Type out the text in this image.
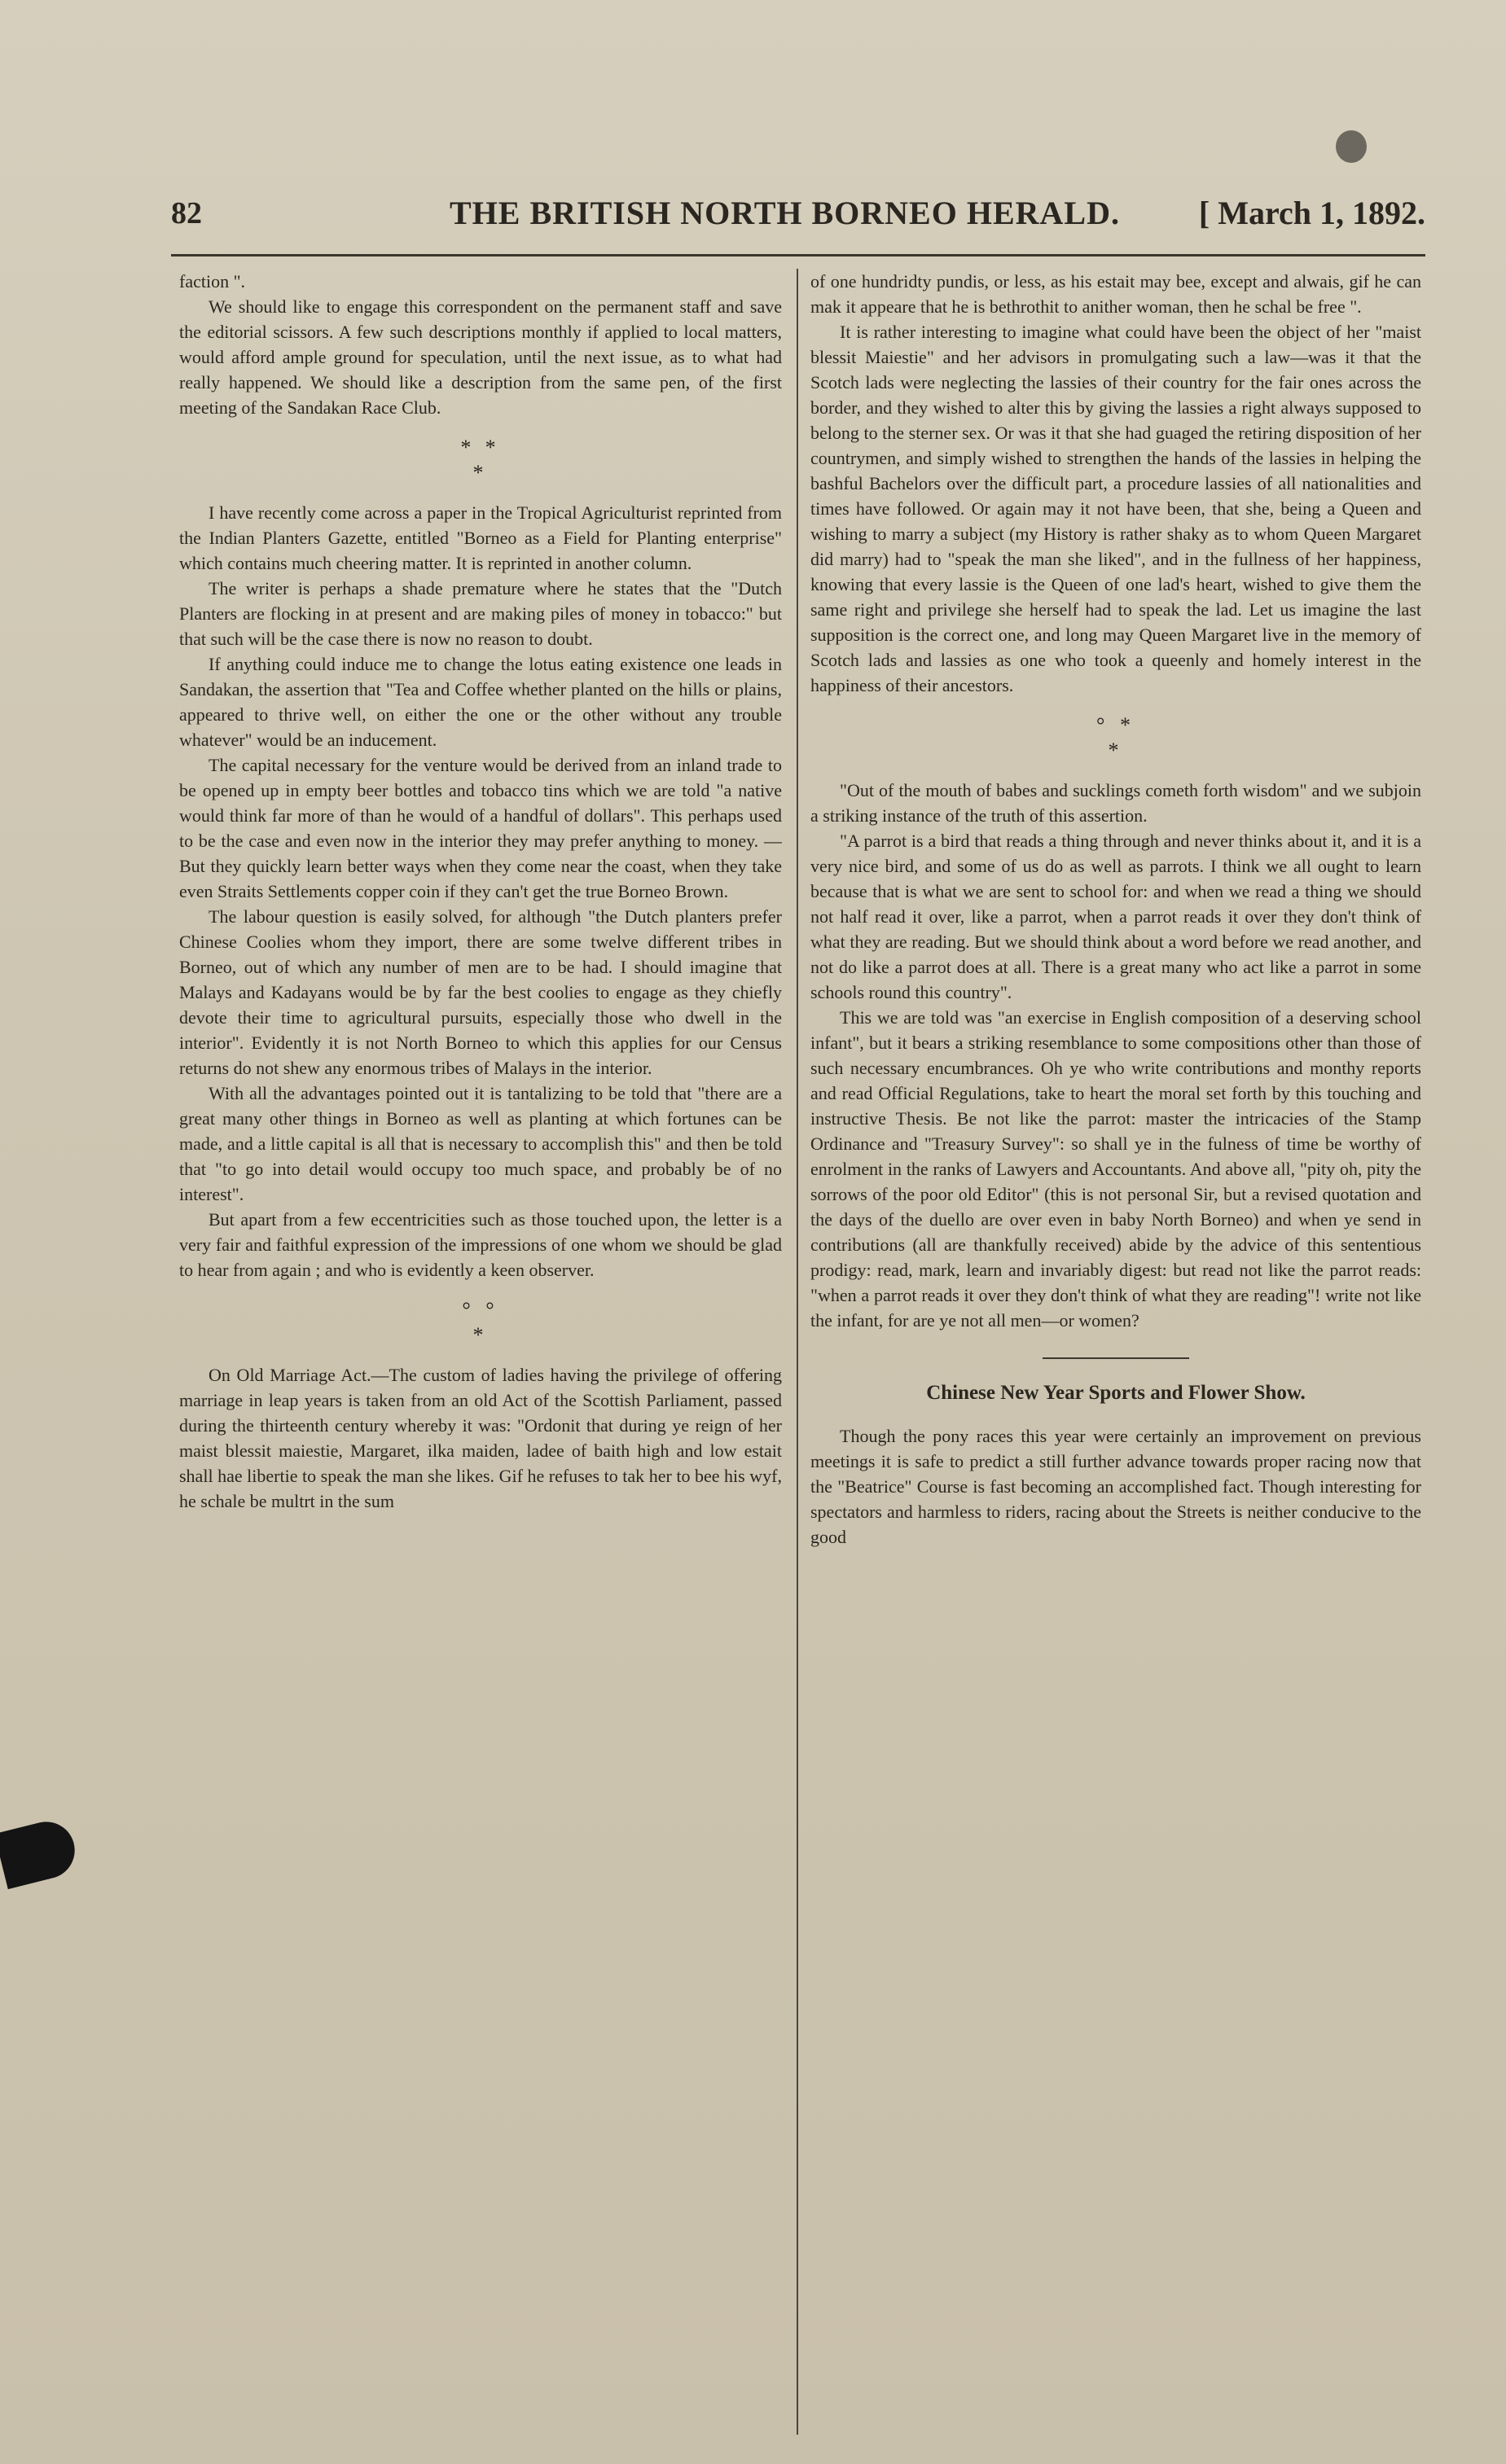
82	THE BRITISH NORTH BORNEO HERALD. [ March 1, 1892.

faction ".

We should like to engage this correspondent on the permanent staff and save the editorial scissors. A few such descriptions monthly if applied to local matters, would afford ample ground for speculation, until the next issue, as to what had really happened. We should like a description from the same pen, of the first meeting of the Sandakan Race Club.

* *
*

I have recently come across a paper in the Tropical Agriculturist reprinted from the Indian Planters Gazette, entitled "Borneo as a Field for Planting enterprise" which contains much cheering matter. It is reprinted in another column.

The writer is perhaps a shade premature where he states that the "Dutch Planters are flocking in at present and are making piles of money in tobacco:" but that such will be the case there is now no reason to doubt.

If anything could induce me to change the lotus eating existence one leads in Sandakan, the assertion that "Tea and Coffee whether planted on the hills or plains, appeared to thrive well, on either the one or the other without any trouble whatever" would be an inducement.

The capital necessary for the venture would be derived from an inland trade to be opened up in empty beer bottles and tobacco tins which we are told "a native would think far more of than he would of a handful of dollars". This perhaps used to be the case and even now in the interior they may prefer anything to money. —But they quickly learn better ways when they come near the coast, when they take even Straits Settlements copper coin if they can't get the true Borneo Brown.

The labour question is easily solved, for although "the Dutch planters prefer Chinese Coolies whom they import, there are some twelve different tribes in Borneo, out of which any number of men are to be had. I should imagine that Malays and Kadayans would be by far the best coolies to engage as they chiefly devote their time to agricultural pursuits, especially those who dwell in the interior". Evidently it is not North Borneo to which this applies for our Census returns do not shew any enormous tribes of Malays in the interior.

With all the advantages pointed out it is tantalizing to be told that "there are a great many other things in Borneo as well as planting at which fortunes can be made, and a little capital is all that is necessary to accomplish this" and then be told that "to go into detail would occupy too much space, and probably be of no interest".

But apart from a few eccentricities such as those touched upon, the letter is a very fair and faithful expression of the impressions of one whom we should be glad to hear from again ; and who is evidently a keen observer.

° °
*

On Old Marriage Act.—The custom of ladies having the privilege of offering marriage in leap years is taken from an old Act of the Scottish Parliament, passed during the thirteenth century whereby it was: "Ordonit that during ye reign of her maist blessit maiestie, Margaret, ilka maiden, ladee of baith high and low estait shall hae libertie to speak the man she likes. Gif he refuses to tak her to bee his wyf, he schale be multrt in the sum

of one hundridty pundis, or less, as his estait may bee, except and alwais, gif he can mak it appeare that he is bethrothit to anither woman, then he schal be free ".

It is rather interesting to imagine what could have been the object of her "maist blessit Maiestie" and her advisors in promulgating such a law—was it that the Scotch lads were neglecting the lassies of their country for the fair ones across the border, and they wished to alter this by giving the lassies a right always supposed to belong to the sterner sex. Or was it that she had guaged the retiring disposition of her countrymen, and simply wished to strengthen the hands of the lassies in helping the bashful Bachelors over the difficult part, a procedure lassies of all nationalities and times have followed. Or again may it not have been, that she, being a Queen and wishing to marry a subject (my History is rather shaky as to whom Queen Margaret did marry) had to "speak the man she liked", and in the fullness of her happiness, knowing that every lassie is the Queen of one lad's heart, wished to give them the same right and privilege she herself had to speak the lad. Let us imagine the last supposition is the correct one, and long may Queen Margaret live in the memory of Scotch lads and lassies as one who took a queenly and homely interest in the happiness of their ancestors.

° *
*

"Out of the mouth of babes and sucklings cometh forth wisdom" and we subjoin a striking instance of the truth of this assertion.

"A parrot is a bird that reads a thing through and never thinks about it, and it is a very nice bird, and some of us do as well as parrots. I think we all ought to learn because that is what we are sent to school for: and when we read a thing we should not half read it over, like a parrot, when a parrot reads it over they don't think of what they are reading. But we should think about a word before we read another, and not do like a parrot does at all. There is a great many who act like a parrot in some schools round this country".

This we are told was "an exercise in English composition of a deserving school infant", but it bears a striking resemblance to some compositions other than those of such necessary encumbrances. Oh ye who write contributions and monthy reports and read Official Regulations, take to heart the moral set forth by this touching and instructive Thesis. Be not like the parrot: master the intricacies of the Stamp Ordinance and "Treasury Survey": so shall ye in the fulness of time be worthy of enrolment in the ranks of Lawyers and Accountants. And above all, "pity oh, pity the sorrows of the poor old Editor" (this is not personal Sir, but a revised quotation and the days of the duello are over even in baby North Borneo) and when ye send in contributions (all are thankfully received) abide by the advice of this sententious prodigy: read, mark, learn and invariably digest: but read not like the parrot reads: "when a parrot reads it over they don't think of what they are reading"! write not like the infant, for are ye not all men—or women?

Chinese New Year Sports and Flower Show.

Though the pony races this year were certainly an improvement on previous meetings it is safe to predict a still further advance towards proper racing now that the "Beatrice" Course is fast becoming an accomplished fact. Though interesting for spectators and harmless to riders, racing about the Streets is neither conducive to the good
